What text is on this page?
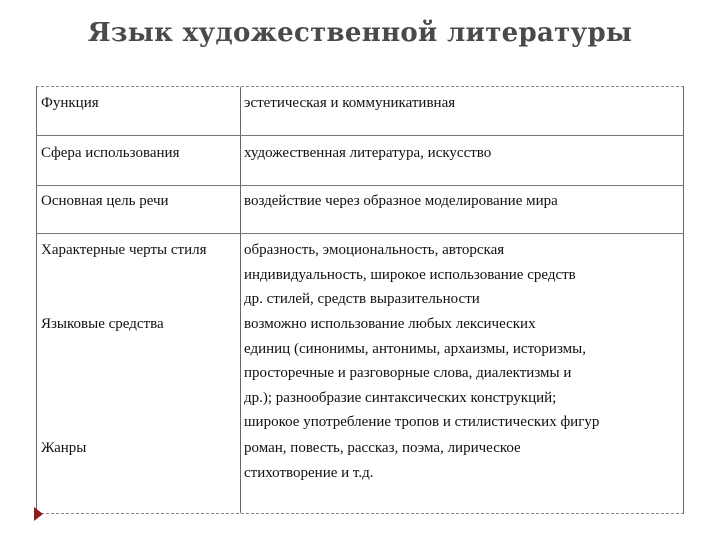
Язык художественной литературы
Функция	эстетическая и коммуникативная
Сфера использования	художественная литература, искусство
Основная цель речи	воздействие через образное моделирование мира
Характерные черты стиля	образность, эмоциональность, авторская
индивидуальность, широкое использование средств
др. стилей, средств выразительности
Языковые средства	возможно использование любых лексических
единиц (синонимы, антонимы, архаизмы, историзмы,
просторечные и разговорные слова, диалектизмы и
др.); разнообразие синтаксических конструкций;
широкое употребление тропов и стилистических фигур
Жанры	роман, повесть, рассказ, поэма, лирическое
стихотворение и т.д.
